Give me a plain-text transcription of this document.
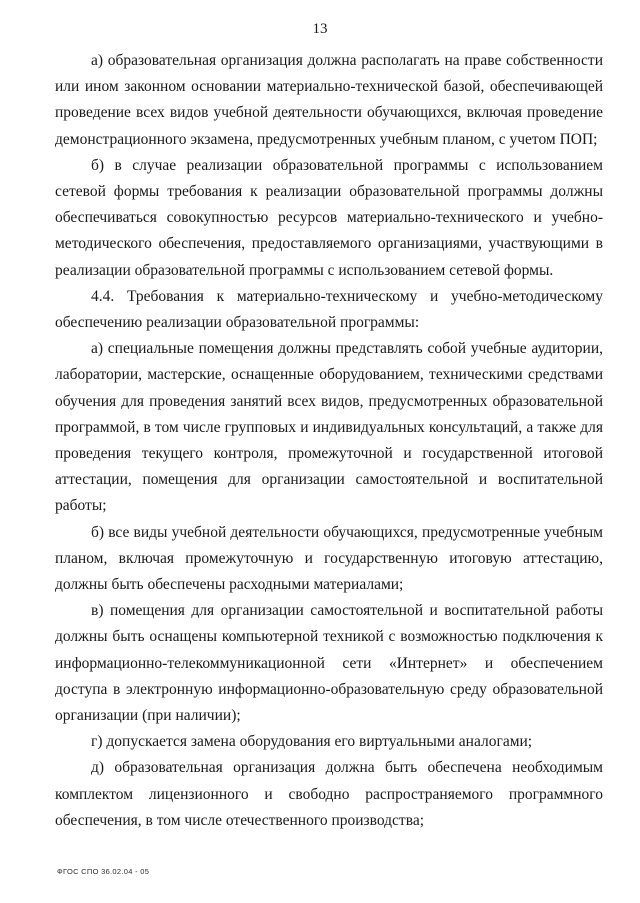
13

а) образовательная организация должна располагать на праве собственности или ином законном основании материально-технической базой, обеспечивающей проведение всех видов учебной деятельности обучающихся, включая проведение демонстрационного экзамена, предусмотренных учебным планом, с учетом ПОП;

б) в случае реализации образовательной программы с использованием сетевой формы требования к реализации образовательной программы должны обеспечиваться совокупностью ресурсов материально-технического и учебно-методического обеспечения, предоставляемого организациями, участвующими в реализации образовательной программы с использованием сетевой формы.

4.4. Требования к материально-техническому и учебно-методическому обеспечению реализации образовательной программы:

а) специальные помещения должны представлять собой учебные аудитории, лаборатории, мастерские, оснащенные оборудованием, техническими средствами обучения для проведения занятий всех видов, предусмотренных образовательной программой, в том числе групповых и индивидуальных консультаций, а также для проведения текущего контроля, промежуточной и государственной итоговой аттестации, помещения для организации самостоятельной и воспитательной работы;

б) все виды учебной деятельности обучающихся, предусмотренные учебным планом, включая промежуточную и государственную итоговую аттестацию, должны быть обеспечены расходными материалами;

в) помещения для организации самостоятельной и воспитательной работы должны быть оснащены компьютерной техникой с возможностью подключения к информационно-телекоммуникационной сети «Интернет» и обеспечением доступа в электронную информационно-образовательную среду образовательной организации (при наличии);

г) допускается замена оборудования его виртуальными аналогами;

д) образовательная организация должна быть обеспечена необходимым комплектом лицензионного и свободно распространяемого программного обеспечения, в том числе отечественного производства;

ФГОС СПО 36.02.04 - 05
